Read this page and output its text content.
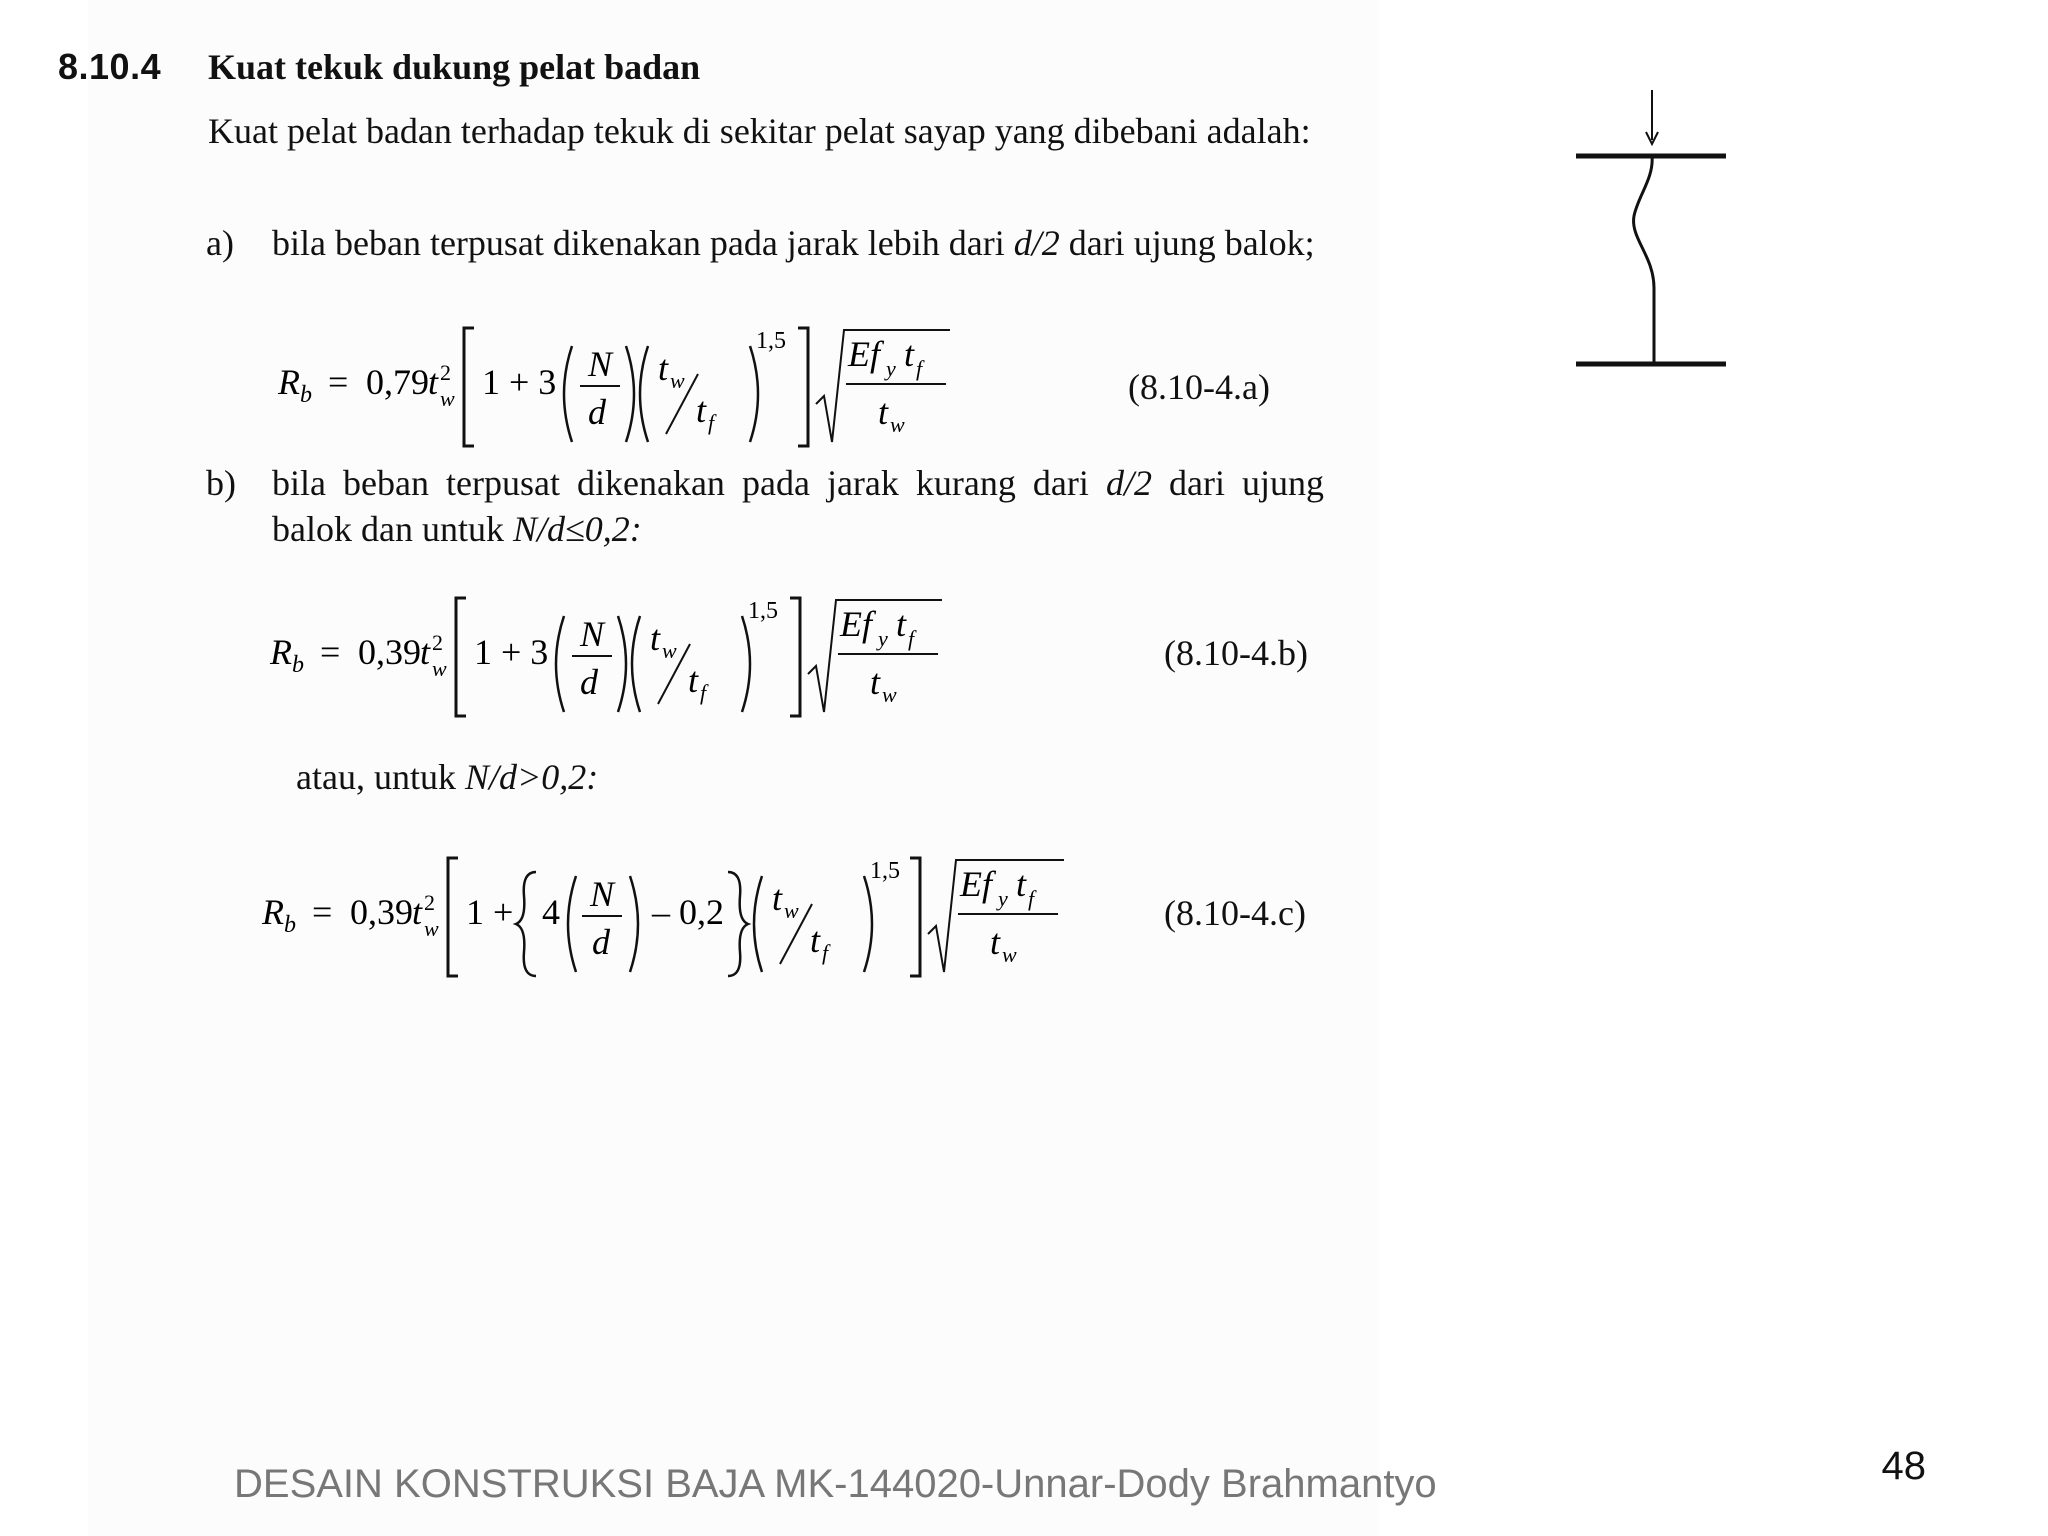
8.10.4 Kuat tekuk dukung pelat badan
Kuat pelat badan terhadap tekuk di sekitar pelat sayap yang dibebani adalah:
a) bila beban terpusat dikenakan pada jarak lebih dari d/2 dari ujung balok;
R b = 0,79 t 2
w 1 + 3 N
d
t w
t f
1,5 Ef y t f
t w
(8.10-4.a)
b) bila beban terpusat dikenakan pada jarak kurang dari d/2 dari ujung balok dan untuk N/d≤0,2:
R b = 0,39 t 2
w 1 + 3 N
d
t w
t f
1,5 Ef y t f
t w
(8.10-4.b)
atau, untuk N/d>0,2:
R b = 0,39 t 2
w 1 + 4 N
d
– 0,2 t w
t f
1,5 Ef y t f
t w
(8.10-4.c)
DESAIN KONSTRUKSI BAJA MK-144020-Unnar-Dody Brahmantyo	48
